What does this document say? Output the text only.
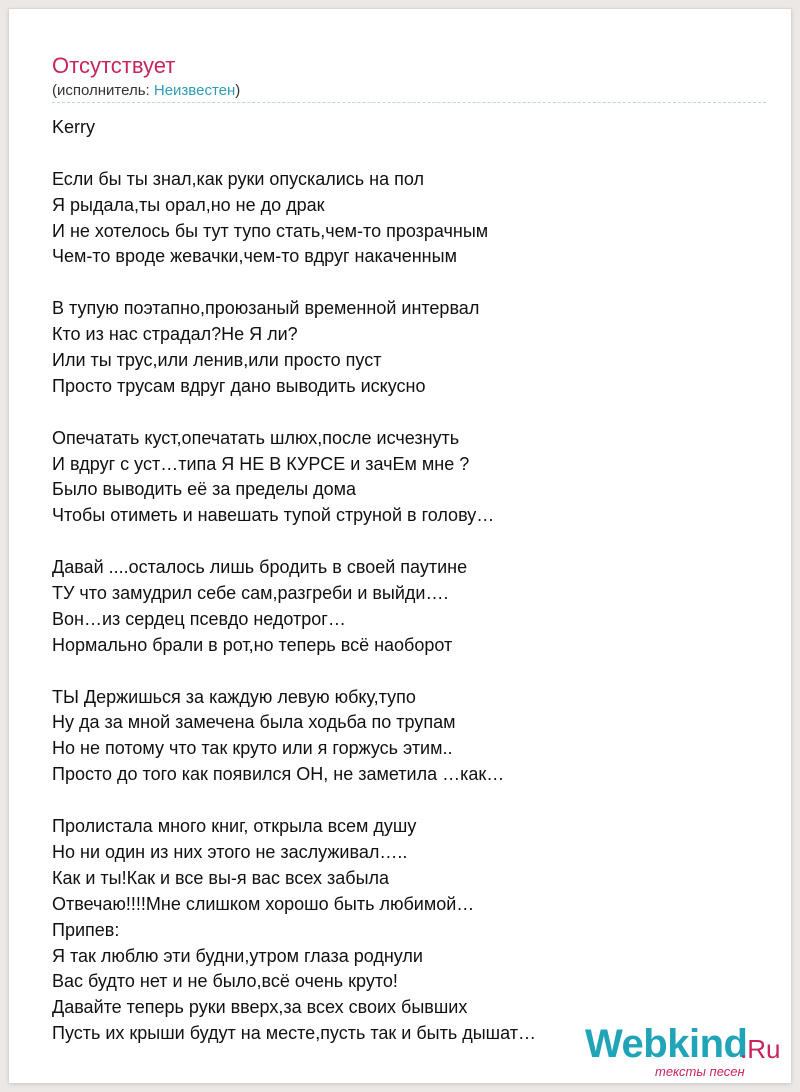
Отсутствует
(исполнитель: Неизвестен)
Kerry
Если бы ты знал,как руки опускались на пол
Я рыдала,ты орал,но не до драк
И не хотелось бы тут тупо стать,чем-то прозрачным
Чем-то вроде жевачки,чем-то вдруг накаченным
В тупую поэтапно,проюзаный временной интервал
Кто из нас страдал?Не Я ли?
Или ты трус,или ленив,или просто пуст
Просто трусам вдруг дано выводить искусно
Опечатать куст,опечатать шлюх,после исчезнуть
И вдруг с уст…типа Я НЕ В КУРСЕ и зачЕм мне ?
Было выводить её за пределы дома
Чтобы отиметь и навешать тупой струной в голову…
Давай ....осталось лишь бродить в своей паутине
ТУ что замудрил себе сам,разгреби и выйди….
Вон…из сердец псевдо недотрог…
Нормально брали в рот,но теперь всё наоборот
ТЫ Держишься за каждую левую юбку,тупо
Ну да за мной замечена была ходьба по трупам
Но не потому что так круто или я горжусь этим..
Просто до того как появился ОН, не заметила …как…
Пролистала много книг, открыла всем душу
Но ни один из них этого не заслуживал…..
Как и ты!Как и все вы-я вас всех забыла
Отвечаю!!!!Мне слишком хорошо быть любимой…
Припев:
Я так люблю эти будни,утром глаза роднули
Вас будто нет и не было,всё очень круто!
Давайте теперь руки вверх,за всех своих бывших
Пусть их крыши будут на месте,пусть так и быть дышат…	Webkind
.Ru
тексты песен
